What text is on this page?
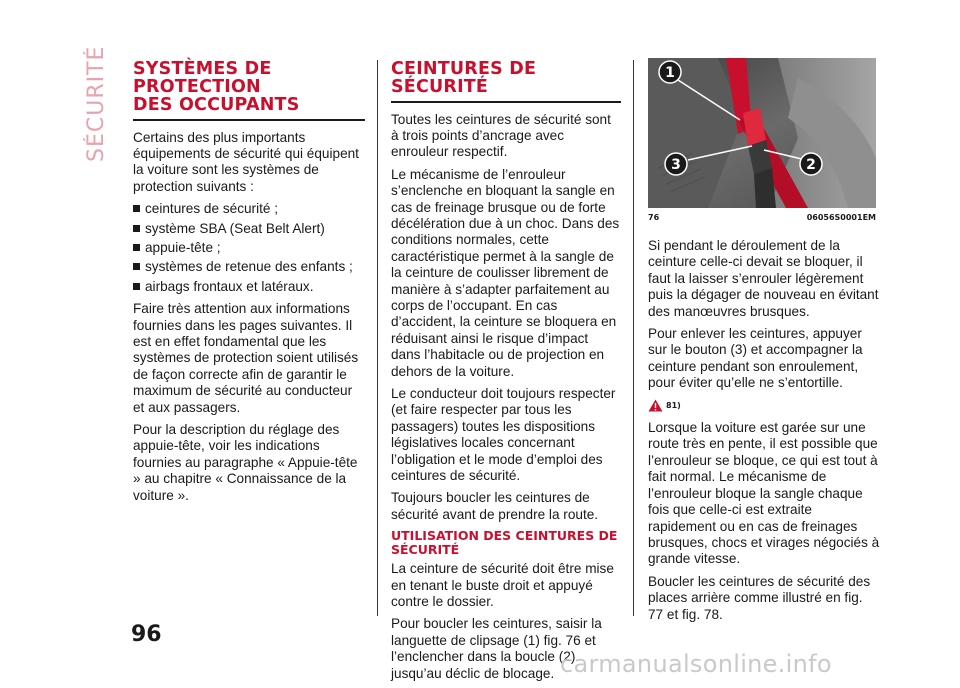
SÉCURITÉ SYSTÈMES DE PROTECTION
DES OCCUPANTS

Certains des plus importants équipements de sécurité qui équipent la voiture sont les systèmes de protection suivants :

ceintures de sécurité ;
système SBA (Seat Belt Alert)
appuie-tête ;
systèmes de retenue des enfants ;
airbags frontaux et latéraux.

Faire très attention aux informations fournies dans les pages suivantes. Il est en effet fondamental que les systèmes de protection soient utilisés de façon correcte afin de garantir le maximum de sécurité au conducteur et aux passagers.

Pour la description du réglage des appuie-tête, voir les indications fournies au paragraphe « Appuie-tête » au chapitre « Connaissance de la voiture ».

CEINTURES DE SÉCURITÉ

Toutes les ceintures de sécurité sont à trois points d’ancrage avec enrouleur respectif.

Le mécanisme de l’enrouleur s’enclenche en bloquant la sangle en cas de freinage brusque ou de forte décélération due à un choc. Dans des conditions normales, cette caractéristique permet à la sangle de la ceinture de coulisser librement de manière à s’adapter parfaitement au corps de l’occupant. En cas d’accident, la ceinture se bloquera en réduisant ainsi le risque d’impact dans l’habitacle ou de projection en dehors de la voiture.

Le conducteur doit toujours respecter (et faire respecter par tous les passagers) toutes les dispositions législatives locales concernant l’obligation et le mode d’emploi des ceintures de sécurité.

Toujours boucler les ceintures de sécurité avant de prendre la route.

UTILISATION DES CEINTURES DE
SÉCURITÉ

La ceinture de sécurité doit être mise en tenant le buste droit et appuyé contre le dossier.

Pour boucler les ceintures, saisir la languette de clipsage (1) fig. 76 et l’enclencher dans la boucle (2) jusqu’au déclic de blocage.

1
3	2
76	06056S0001EM

Si pendant le déroulement de la ceinture celle-ci devait se bloquer, il faut la laisser s’enrouler légèrement puis la dégager de nouveau en évitant des manœuvres brusques.

Pour enlever les ceintures, appuyer sur le bouton (3) et accompagner la ceinture pendant son enroulement, pour éviter qu’elle ne s’entortille.

81)

Lorsque la voiture est garée sur une route très en pente, il est possible que l’enrouleur se bloque, ce qui est tout à fait normal. Le mécanisme de l’enrouleur bloque la sangle chaque fois que celle-ci est extraite rapidement ou en cas de freinages brusques, chocs et virages négociés à grande vitesse.

Boucler les ceintures de sécurité des places arrière comme illustré en fig. 77 et fig. 78.

96
carmanualsonline.info
